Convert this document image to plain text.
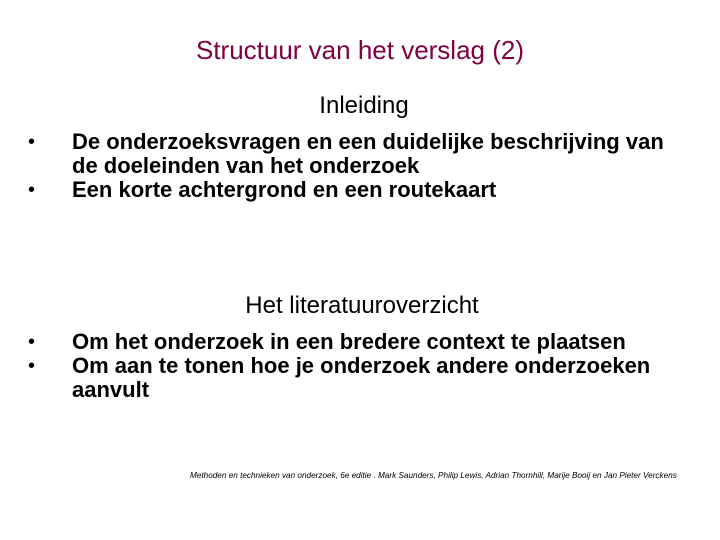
Structuur van het verslag (2)
Inleiding
•	De onderzoeksvragen en een duidelijke beschrijving van de doeleinden van het onderzoek
•	Een korte achtergrond en een routekaart
Het literatuuroverzicht
•	Om het onderzoek in een bredere context te plaatsen
•	Om aan te tonen hoe je onderzoek andere onderzoeken aanvult
Methoden en technieken van onderzoek, 6e editie . Mark Saunders, Philip Lewis, Adrian Thornhill, Marije Booij en Jan Pieter Verckens
